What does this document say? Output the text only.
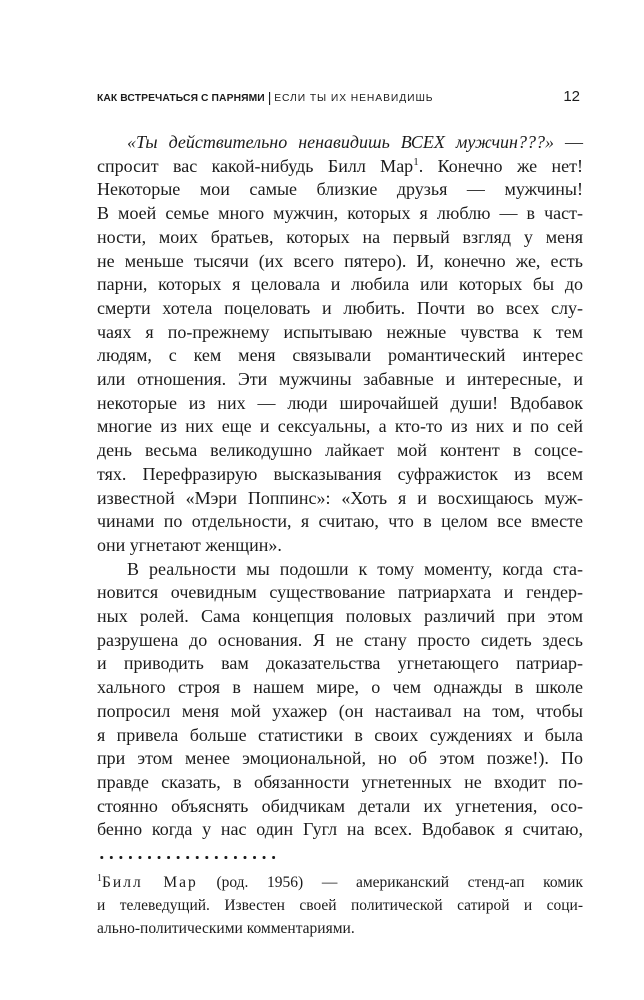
КАК ВСТРЕЧАТЬСЯ С ПАРНЯМИ | ЕСЛИ ТЫ ИХ НЕНАВИДИШЬ	12
«Ты действительно ненавидишь ВСЕХ мужчин???» —
спросит вас какой-нибудь Билл Мар$^1$. Конечно же нет!
Некоторые мои самые близкие друзья — мужчины!
В моей семье много мужчин, которых я люблю — в част-
ности, моих братьев, которых на первый взгляд у меня
не меньше тысячи (их всего пятеро). И, конечно же, есть
парни, которых я целовала и любила или которых бы до
смерти хотела поцеловать и любить. Почти во всех слу-
чаях я по-прежнему испытываю нежные чувства к тем
людям, с кем меня связывали романтический интерес
или отношения. Эти мужчины забавные и интересные, и
некоторые из них — люди широчайшей души! Вдобавок
многие из них еще и сексуальны, а кто-то из них и по сей
день весьма великодушно лайкает мой контент в соцсе-
тях. Перефразирую высказывания суфражисток из всем
известной «Мэри Поппинс»: «Хоть я и восхищаюсь муж-
чинами по отдельности, я считаю, что в целом все вместе
они угнетают женщин».
В реальности мы подошли к тому моменту, когда ста-
новится очевидным существование патриархата и гендер-
ных ролей. Сама концепция половых различий при этом
разрушена до основания. Я не стану просто сидеть здесь
и приводить вам доказательства угнетающего патриар-
хального строя в нашем мире, о чем однажды в школе
попросил меня мой ухажер (он настаивал на том, чтобы
я привела больше статистики в своих суждениях и была
при этом менее эмоциональной, но об этом позже!). По
правде сказать, в обязанности угнетенных не входит по-
стоянно объяснять обидчикам детали их угнетения, осо-
бенно когда у нас один Гугл на всех. Вдобавок я считаю,
$^1$Билл Мар (род. 1956) — американский стенд-ап комик
и телеведущий. Известен своей политической сатирой и соци-
ально-политическими комментариями.
